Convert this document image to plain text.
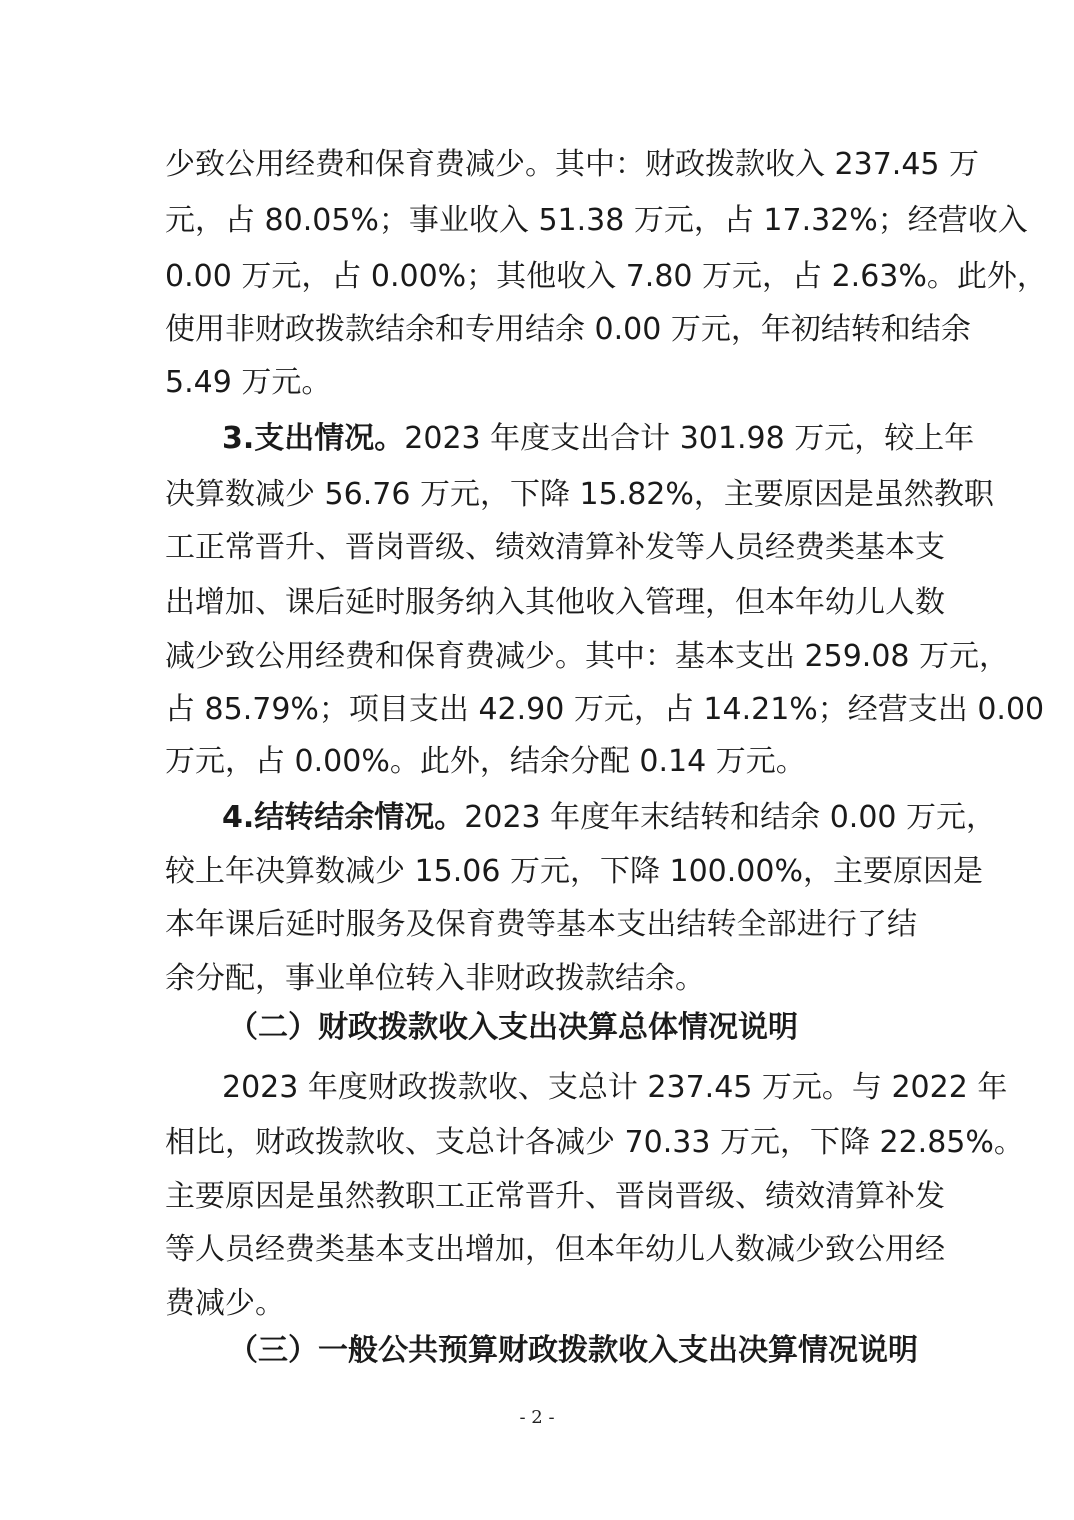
少致公用经费和保育费减少。其中：财政拨款收入 237.45 万
元，占 80.05%；事业收入 51.38 万元，占 17.32%；经营收入
0.00 万元，占 0.00%；其他收入 7.80 万元，占 2.63%。此外，
使用非财政拨款结余和专用结余 0.00 万元，年初结转和结余
5.49 万元。
3.支出情况。2023 年度支出合计 301.98 万元，较上年
决算数减少 56.76 万元，下降 15.82%，主要原因是虽然教职
工正常晋升、晋岗晋级、绩效清算补发等人员经费类基本支
出增加、课后延时服务纳入其他收入管理，但本年幼儿人数
减少致公用经费和保育费减少。其中：基本支出 259.08 万元，
占 85.79%；项目支出 42.90 万元，占 14.21%；经营支出 0.00
万元，占 0.00%。此外，结余分配 0.14 万元。
4.结转结余情况。2023 年度年末结转和结余 0.00 万元，
较上年决算数减少 15.06 万元，下降 100.00%，主要原因是
本年课后延时服务及保育费等基本支出结转全部进行了结
余分配，事业单位转入非财政拨款结余。
（二）财政拨款收入支出决算总体情况说明
2023 年度财政拨款收、支总计 237.45 万元。与 2022 年
相比，财政拨款收、支总计各减少 70.33 万元，下降 22.85%。
主要原因是虽然教职工正常晋升、晋岗晋级、绩效清算补发
等人员经费类基本支出增加，但本年幼儿人数减少致公用经
费减少。
（三）一般公共预算财政拨款收入支出决算情况说明
- 2 -
